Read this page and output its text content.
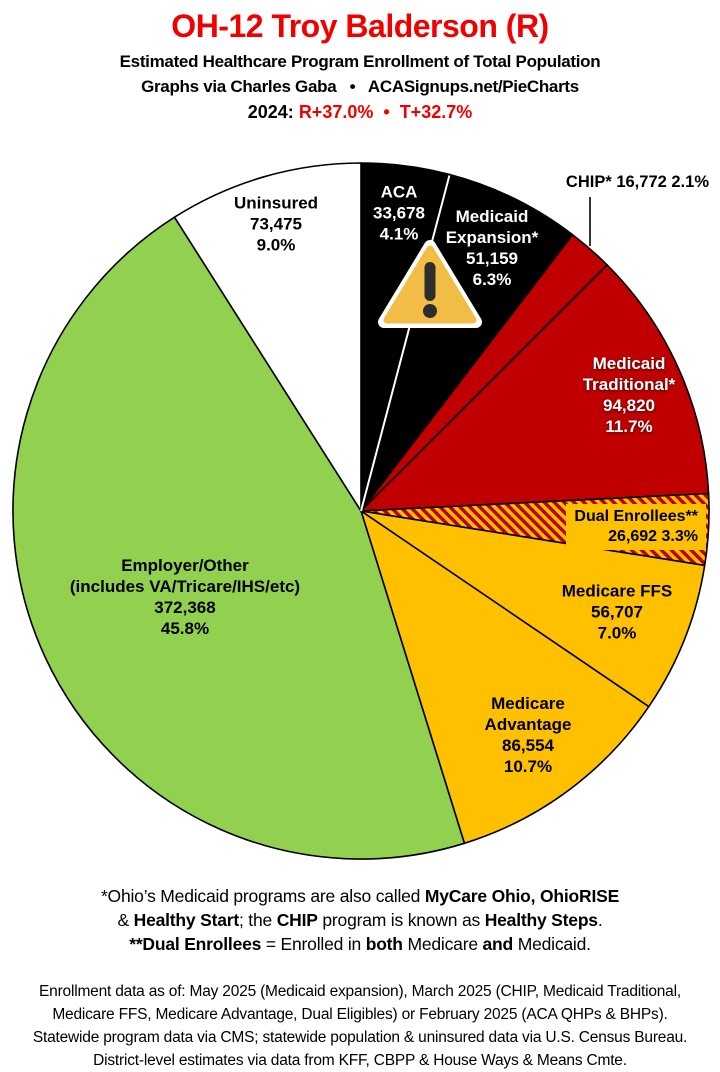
OH-12 Troy Balderson (R)
Estimated Healthcare Program Enrollment of Total Population
Graphs via Charles Gaba   •   ACASignups.net/PieCharts
2024: R+37.0%  •  T+32.7%
ACA
33,678
4.1%
Medicaid
Expansion*
51,159
6.3%
CHIP* 16,772 2.1%
Medicaid
Traditional*
94,820
11.7%
Dual Enrollees**
26,692 3.3%
Medicare FFS
56,707
7.0%
Medicare
Advantage
86,554
10.7%
Employer/Other
(includes VA/Tricare/IHS/etc)
372,368
45.8%
Uninsured
73,475
9.0%
*Ohio’s Medicaid programs are also called MyCare Ohio, OhioRISE
& Healthy Start; the CHIP program is known as Healthy Steps.
**Dual Enrollees = Enrolled in both Medicare and Medicaid.
Enrollment data as of: May 2025 (Medicaid expansion), March 2025 (CHIP, Medicaid Traditional,
Medicare FFS, Medicare Advantage, Dual Eligibles) or February 2025 (ACA QHPs & BHPs).
Statewide program data via CMS; statewide population & uninsured data via U.S. Census Bureau.
District-level estimates via data from KFF, CBPP & House Ways & Means Cmte.
